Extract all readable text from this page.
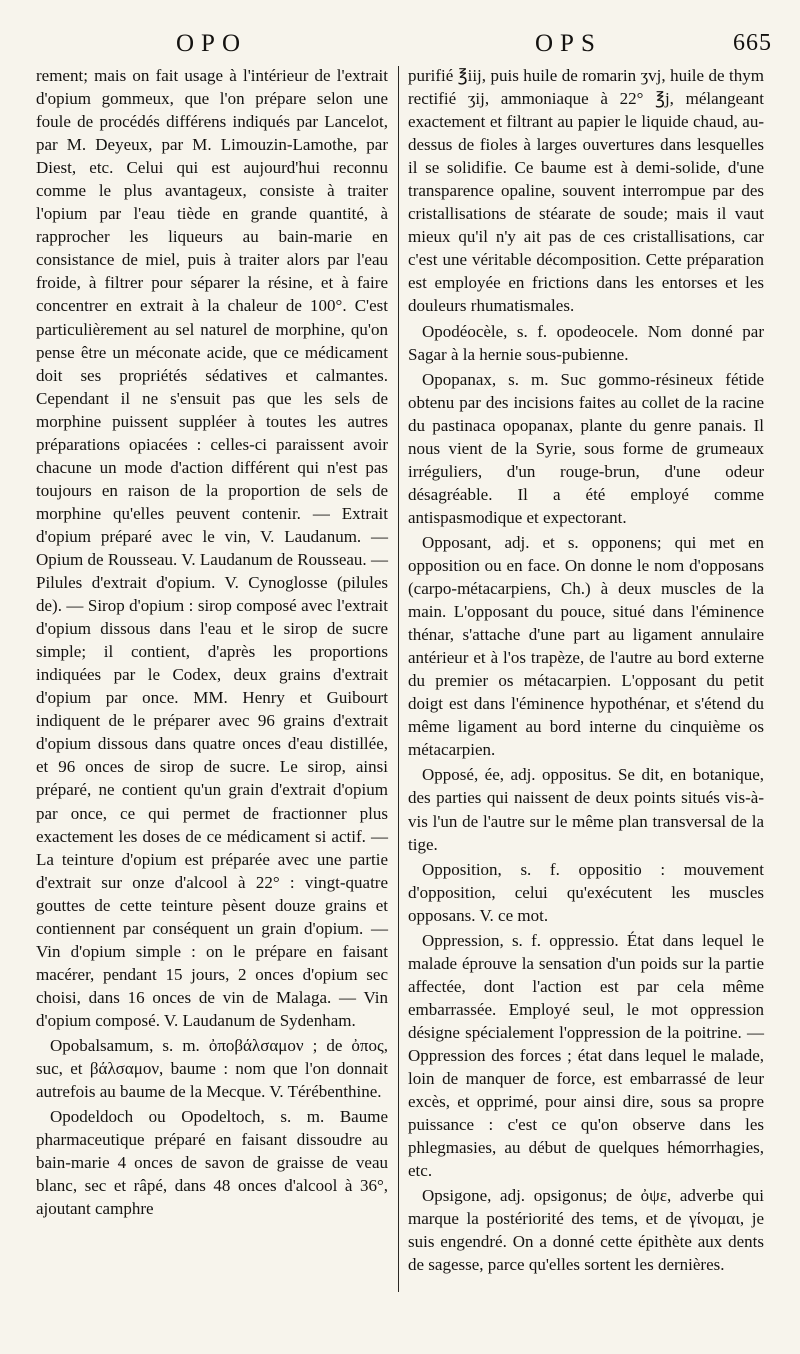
OPO	OPS	665

rement; mais on fait usage à l'intérieur de l'extrait d'opium gommeux, que l'on prépare selon une foule de procédés différens indiqués par Lancelot, par M. Deyeux, par M. Limouzin-Lamothe, par Diest, etc. Celui qui est aujourd'hui reconnu comme le plus avantageux, consiste à traiter l'opium par l'eau tiède en grande quantité, à rapprocher les liqueurs au bain-marie en consistance de miel, puis à traiter alors par l'eau froide, à filtrer pour séparer la résine, et à faire concentrer en extrait à la chaleur de 100°. C'est particulièrement au sel naturel de morphine, qu'on pense être un méconate acide, que ce médicament doit ses propriétés sédatives et calmantes. Cependant il ne s'ensuit pas que les sels de morphine puissent suppléer à toutes les autres préparations opiacées : celles-ci paraissent avoir chacune un mode d'action différent qui n'est pas toujours en raison de la proportion de sels de morphine qu'elles peuvent contenir. — Extrait d'opium préparé avec le vin, V. Laudanum. — Opium de Rousseau. V. Laudanum de Rousseau. — Pilules d'extrait d'opium. V. Cynoglosse (pilules de). — Sirop d'opium : sirop composé avec l'extrait d'opium dissous dans l'eau et le sirop de sucre simple; il contient, d'après les proportions indiquées par le Codex, deux grains d'extrait d'opium par once. MM. Henry et Guibourt indiquent de le préparer avec 96 grains d'extrait d'opium dissous dans quatre onces d'eau distillée, et 96 onces de sirop de sucre. Le sirop, ainsi préparé, ne contient qu'un grain d'extrait d'opium par once, ce qui permet de fractionner plus exactement les doses de ce médicament si actif. — La teinture d'opium est préparée avec une partie d'extrait sur onze d'alcool à 22° : vingt-quatre gouttes de cette teinture pèsent douze grains et contiennent par conséquent un grain d'opium. — Vin d'opium simple : on le prépare en faisant macérer, pendant 15 jours, 2 onces d'opium sec choisi, dans 16 onces de vin de Malaga. — Vin d'opium composé. V. Laudanum de Sydenham.

Opobalsamum, s. m. ὀποβάλσαμον ; de ὀπος, suc, et βάλσαμον, baume : nom que l'on donnait autrefois au baume de la Mecque. V. Térébenthine.

Opodeldoch ou Opodeltoch, s. m. Baume pharmaceutique préparé en faisant dissoudre au bain-marie 4 onces de savon de graisse de veau blanc, sec et râpé, dans 48 onces d'alcool à 36°, ajoutant camphre

purifié ℥iij, puis huile de romarin ʒvj, huile de thym rectifié ʒij, ammoniaque à 22° ℥j, mélangeant exactement et filtrant au papier le liquide chaud, au-dessus de fioles à larges ouvertures dans lesquelles il se solidifie. Ce baume est à demi-solide, d'une transparence opaline, souvent interrompue par des cristallisations de stéarate de soude; mais il vaut mieux qu'il n'y ait pas de ces cristallisations, car c'est une véritable décomposition. Cette préparation est employée en frictions dans les entorses et les douleurs rhumatismales.

Opodéocèle, s. f. opodeocele. Nom donné par Sagar à la hernie sous-pubienne.

Opopanax, s. m. Suc gommo-résineux fétide obtenu par des incisions faites au collet de la racine du pastinaca opopanax, plante du genre panais. Il nous vient de la Syrie, sous forme de grumeaux irréguliers, d'un rouge-brun, d'une odeur désagréable. Il a été employé comme antispasmodique et expectorant.

Opposant, adj. et s. opponens; qui met en opposition ou en face. On donne le nom d'opposans (carpo-métacarpiens, Ch.) à deux muscles de la main. L'opposant du pouce, situé dans l'éminence thénar, s'attache d'une part au ligament annulaire antérieur et à l'os trapèze, de l'autre au bord externe du premier os métacarpien. L'opposant du petit doigt est dans l'éminence hypothénar, et s'étend du même ligament au bord interne du cinquième os métacarpien.

Opposé, ée, adj. oppositus. Se dit, en botanique, des parties qui naissent de deux points situés vis-à-vis l'un de l'autre sur le même plan transversal de la tige.

Opposition, s. f. oppositio : mouvement d'opposition, celui qu'exécutent les muscles opposans. V. ce mot.

Oppression, s. f. oppressio. État dans lequel le malade éprouve la sensation d'un poids sur la partie affectée, dont l'action est par cela même embarrassée. Employé seul, le mot oppression désigne spécialement l'oppression de la poitrine. — Oppression des forces ; état dans lequel le malade, loin de manquer de force, est embarrassé de leur excès, et opprimé, pour ainsi dire, sous sa propre puissance : c'est ce qu'on observe dans les phlegmasies, au début de quelques hémorrhagies, etc.

Opsigone, adj. opsigonus; de ὀψε, adverbe qui marque la postériorité des tems, et de γίνομαι, je suis engendré. On a donné cette épithète aux dents de sagesse, parce qu'elles sortent les dernières.
